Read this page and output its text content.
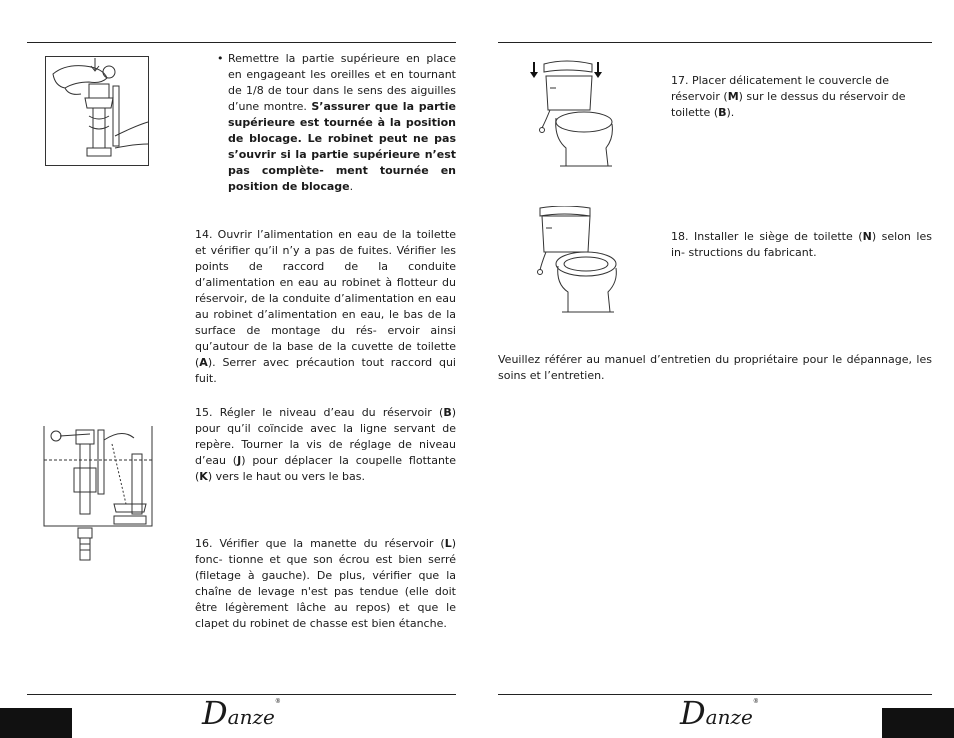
• Remettre la partie supérieure en place en engageant les oreilles et en tournant de 1/8 de tour dans le sens des aiguilles d’une montre. S’assurer que la partie supérieure est tournée à la position de blocage. Le robinet peut ne pas s’ouvrir si la partie supérieure n’est pas complète- ment tournée en position de blocage.
14. Ouvrir l’alimentation en eau de la toilette et vérifier qu’il n’y a pas de fuites. Vérifier les points de raccord de la conduite d’alimentation en eau au robinet à flotteur du réservoir, de la conduite d’alimentation en eau au robinet d’alimentation en eau, le bas de la surface de montage du rés- ervoir ainsi qu’autour de la base de la cuvette de toilette (A). Serrer avec précaution tout raccord qui fuit.
15. Régler le niveau d’eau du réservoir (B) pour qu’il coïncide avec la ligne servant de repère. Tourner la vis de réglage de niveau d’eau (J) pour déplacer la coupelle flottante (K) vers le haut ou vers le bas.
16. Vérifier que la manette du réservoir (L) fonc- tionne et que son écrou est bien serré (filetage à gauche). De plus, vérifier que la chaîne de levage n'est pas tendue (elle doit être légèrement lâche au repos) et que le clapet du robinet de chasse est bien étanche.
17. Placer délicatement le couvercle de réservoir (M) sur le dessus du réservoir de toilette (B).
18. Installer le siège de toilette (N) selon les in- structions du fabricant.
Veuillez référer au manuel d’entretien du propriétaire pour le dépannage, les soins et l’entretien.
Danze®	Danze®
